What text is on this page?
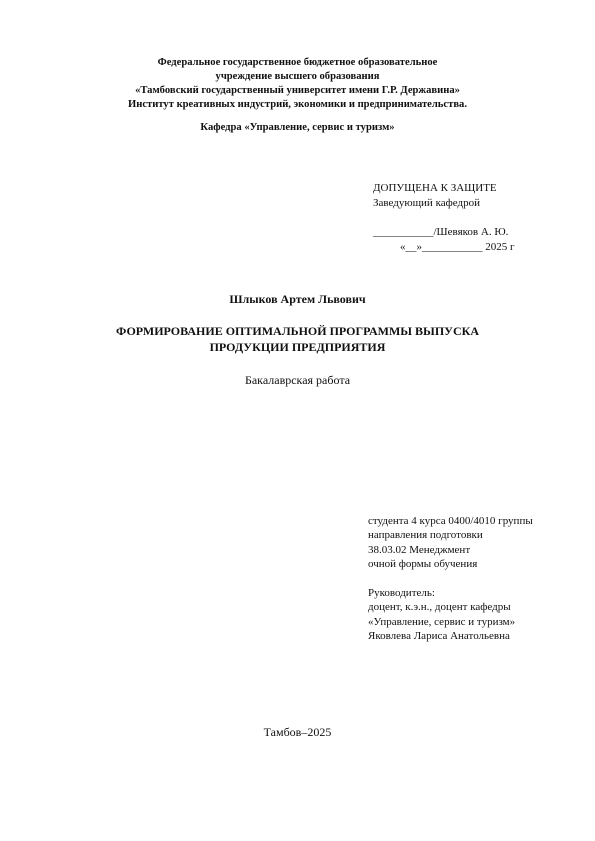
Федеральное государственное бюджетное образовательное
учреждение высшего образования
«Тамбовский государственный университет имени Г.Р. Державина»
Институт креативных индустрий, экономики и предпринимательства.
Кафедра «Управление, сервис и туризм»
ДОПУЩЕНА К ЗАЩИТЕ
Заведующий кафедрой
___________/Шевяков А. Ю.
«__»___________ 2025 г
Шлыков Артем Львович
ФОРМИРОВАНИЕ ОПТИМАЛЬНОЙ ПРОГРАММЫ ВЫПУСКА
ПРОДУКЦИИ ПРЕДПРИЯТИЯ
Бакалаврская работа
студента 4 курса 0400/4010 группы
направления подготовки
38.03.02 Менеджмент
очной формы обучения
Руководитель:
доцент, к.э.н., доцент кафедры
«Управление, сервис и туризм»
Яковлева Лариса Анатольевна
Тамбов–2025
